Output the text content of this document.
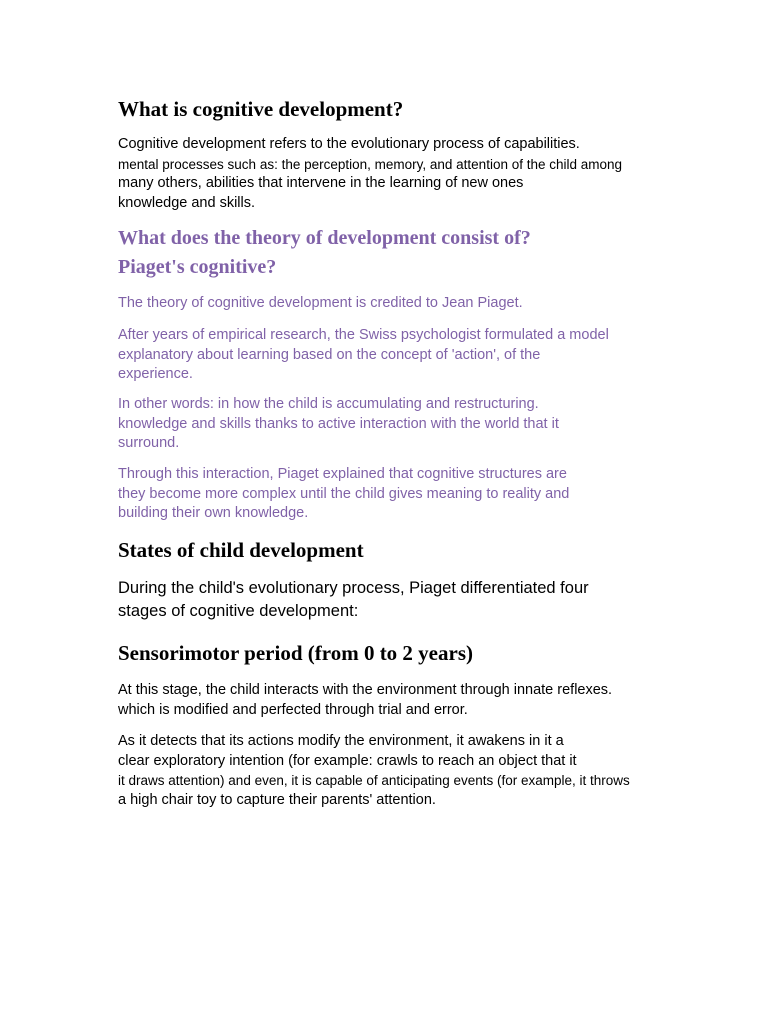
What is cognitive development?
Cognitive development refers to the evolutionary process of capabilities.
mental processes such as: the perception, memory, and attention of the child among
many others, abilities that intervene in the learning of new ones
knowledge and skills.
What does the theory of development consist of?
Piaget's cognitive?
The theory of cognitive development is credited to Jean Piaget.
After years of empirical research, the Swiss psychologist formulated a model
explanatory about learning based on the concept of 'action', of the
experience.
In other words: in how the child is accumulating and restructuring.
knowledge and skills thanks to active interaction with the world that it
surround.
Through this interaction, Piaget explained that cognitive structures are
they become more complex until the child gives meaning to reality and
building their own knowledge.
States of child development
During the child's evolutionary process, Piaget differentiated four
stages of cognitive development:
Sensorimotor period (from 0 to 2 years)
At this stage, the child interacts with the environment through innate reflexes.
which is modified and perfected through trial and error.
As it detects that its actions modify the environment, it awakens in it a
clear exploratory intention (for example: crawls to reach an object that it
it draws attention) and even, it is capable of anticipating events (for example, it throws
a high chair toy to capture their parents' attention.
